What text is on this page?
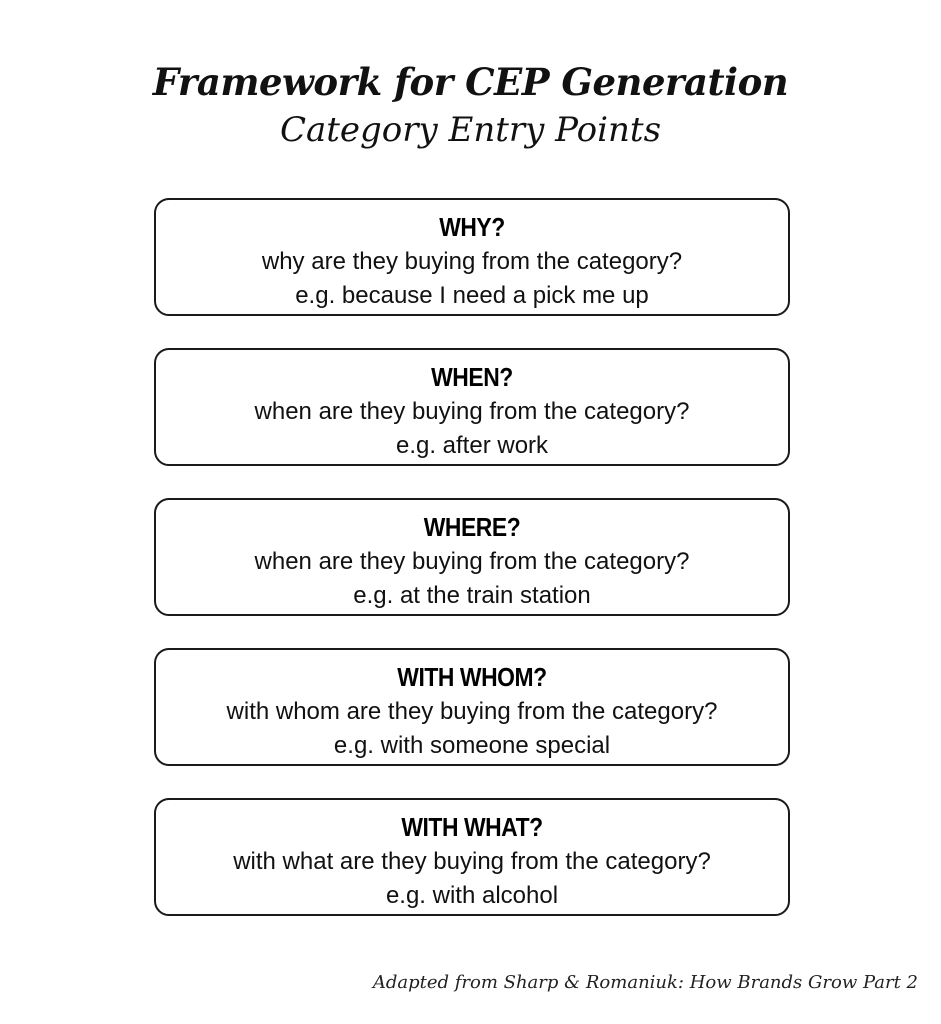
Framework for CEP Generation
Category Entry Points
WHY?
why are they buying from the category?
e.g. because I need a pick me up
WHEN?
when are they buying from the category?
e.g. after work
WHERE?
when are they buying from the category?
e.g. at the train station
WITH WHOM?
with whom are they buying from the category?
e.g. with someone special
WITH WHAT?
with what are they buying from the category?
e.g. with alcohol
Adapted from Sharp & Romaniuk: How Brands Grow Part 2
